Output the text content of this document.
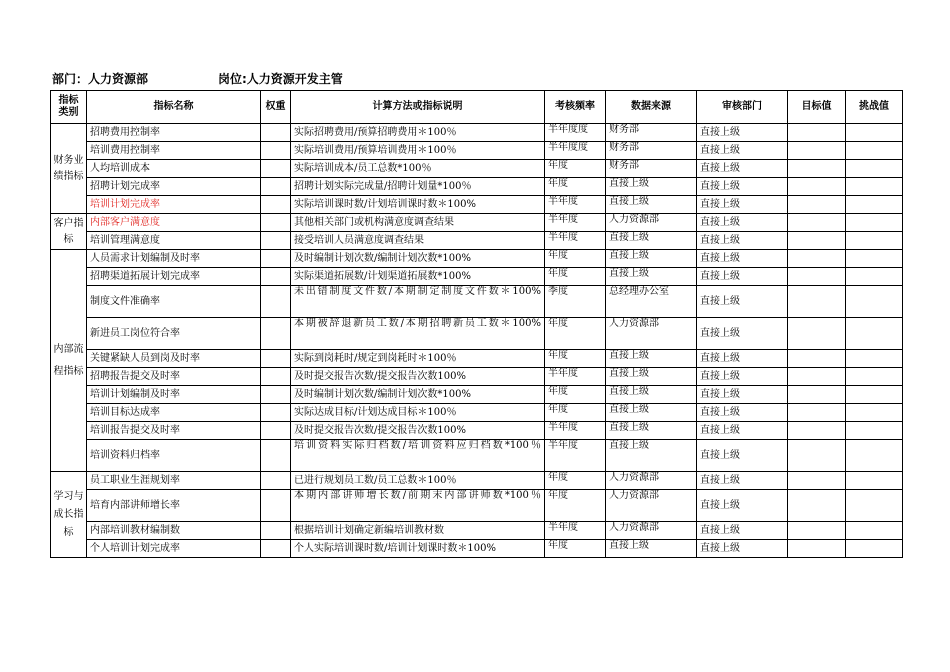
部门：人力资源部	岗位:人力资源开发主管
指标类别	指标名称	权重	计算方法或指标说明	考核频率	数据来源	审核部门	目标值	挑战值
财务业绩指标	招聘费用控制率		实际招聘费用/预算招聘费用＊100％	半年度度	财务部	直接上级		
	培训费用控制率		实际培训费用/预算培训费用＊100％	半年度度	财务部	直接上级		
	人均培训成本		实际培训成本/员工总数*100％	年度	财务部	直接上级		
	招聘计划完成率		招聘计划实际完成量/招聘计划量*100％	年度	直接上级	直接上级		
	培训计划完成率		实际培训课时数/计划培训课时数＊100%	半年度	直接上级	直接上级		
客户指标	内部客户满意度		其他相关部门或机构满意度调查结果	半年度	人力资源部	直接上级		
	培训管理满意度		接受培训人员满意度调查结果	半年度	直接上级	直接上级		
内部流程指标	人员需求计划编制及时率		及时编制计划次数/编制计划次数*100%	年度	直接上级	直接上级		
	招聘渠道拓展计划完成率		实际渠道拓展数/计划渠道拓展数*100%	年度	直接上级	直接上级		
	制度文件准确率		未出错制度文件数/本期制定制度文件数＊100%	季度	总经理办公室	直接上级		
	新进员工岗位符合率		本期被辞退新员工数/本期招聘新员工数＊100%	年度	人力资源部	直接上级		
	关键紧缺人员到岗及时率		实际到岗耗时/规定到岗耗时＊100％	年度	直接上级	直接上级		
	招聘报告提交及时率		及时提交报告次数/提交报告次数100%	半年度	直接上级	直接上级		
	培训计划编制及时率		及时编制计划次数/编制计划次数*100%	年度	直接上级	直接上级		
	培训目标达成率		实际达成目标/计划达成目标＊100％	年度	直接上级	直接上级		
	培训报告提交及时率		及时提交报告次数/提交报告次数100%	半年度	直接上级	直接上级		
	培训资料归档率		培训资料实际归档数/培训资料应归档数*100％	半年度	直接上级	直接上级		
学习与成长指标	员工职业生涯规划率		已进行规划员工数/员工总数＊100％	年度	人力资源部	直接上级		
	培育内部讲师增长率		本期内部讲师增长数/前期末内部讲师数*100％	年度	人力资源部	直接上级		
	内部培训教材编制数		根据培训计划确定新编培训教材数	半年度	人力资源部	直接上级		
	个人培训计划完成率		个人实际培训课时数/培训计划课时数＊100%	年度	直接上级	直接上级		
